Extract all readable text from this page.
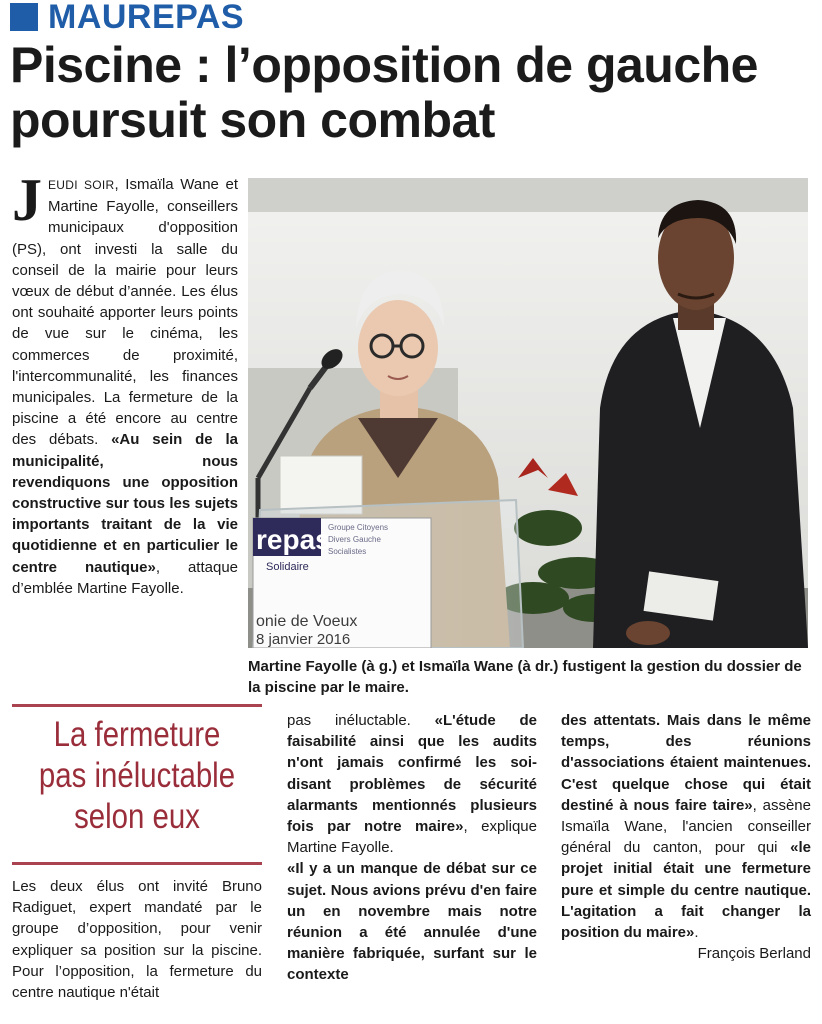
MAUREPAS
Piscine : l’opposition de gauche poursuit son combat

JEUDI SOIR, Ismaïla Wane et Martine Fayolle, conseillers municipaux d'opposition (PS), ont investi la salle du conseil de la mairie pour leurs vœux de début d’année. Les élus ont souhaité apporter leurs points de vue sur le cinéma, les commerces de proximité, l'intercommunalité, les finances municipales. La fermeture de la piscine a été encore au centre des débats. «Au sein de la municipalité, nous revendiquons une opposition constructive sur tous les sujets importants traitant de la vie quotidienne et en particulier le centre nautique», attaque d’emblée Martine Fayolle.

repas
Solidaire
Groupe Citoyens
Divers Gauche
Socialistes
onie de Voeux
8 janvier 2016
Martine Fayolle (à g.) et Ismaïla Wane (à dr.) fustigent la gestion du dossier de la piscine par le maire.
La fermeture pas inéluctable selon eux

Les deux élus ont invité Bruno Radiguet, expert mandaté par le groupe d’opposition, pour venir expliquer sa position sur la piscine. Pour l’opposition, la fermeture du centre nautique n'était

pas inéluctable. «L'étude de faisabilité ainsi que les audits n'ont jamais confirmé les soi-disant problèmes de sécurité alarmants mentionnés plusieurs fois par notre maire», explique Martine Fayolle.

«Il y a un manque de débat sur ce sujet. Nous avions prévu d'en faire un en novembre mais notre réunion a été annulée d'une manière fabriquée, surfant sur le contexte

des attentats. Mais dans le même temps, des réunions d'associations étaient maintenues. C'est quelque chose qui était destiné à nous faire taire», assène Ismaïla Wane, l'ancien conseiller général du canton, pour qui «le projet initial était une fermeture pure et simple du centre nautique. L'agitation a fait changer la position du maire».

François Berland
